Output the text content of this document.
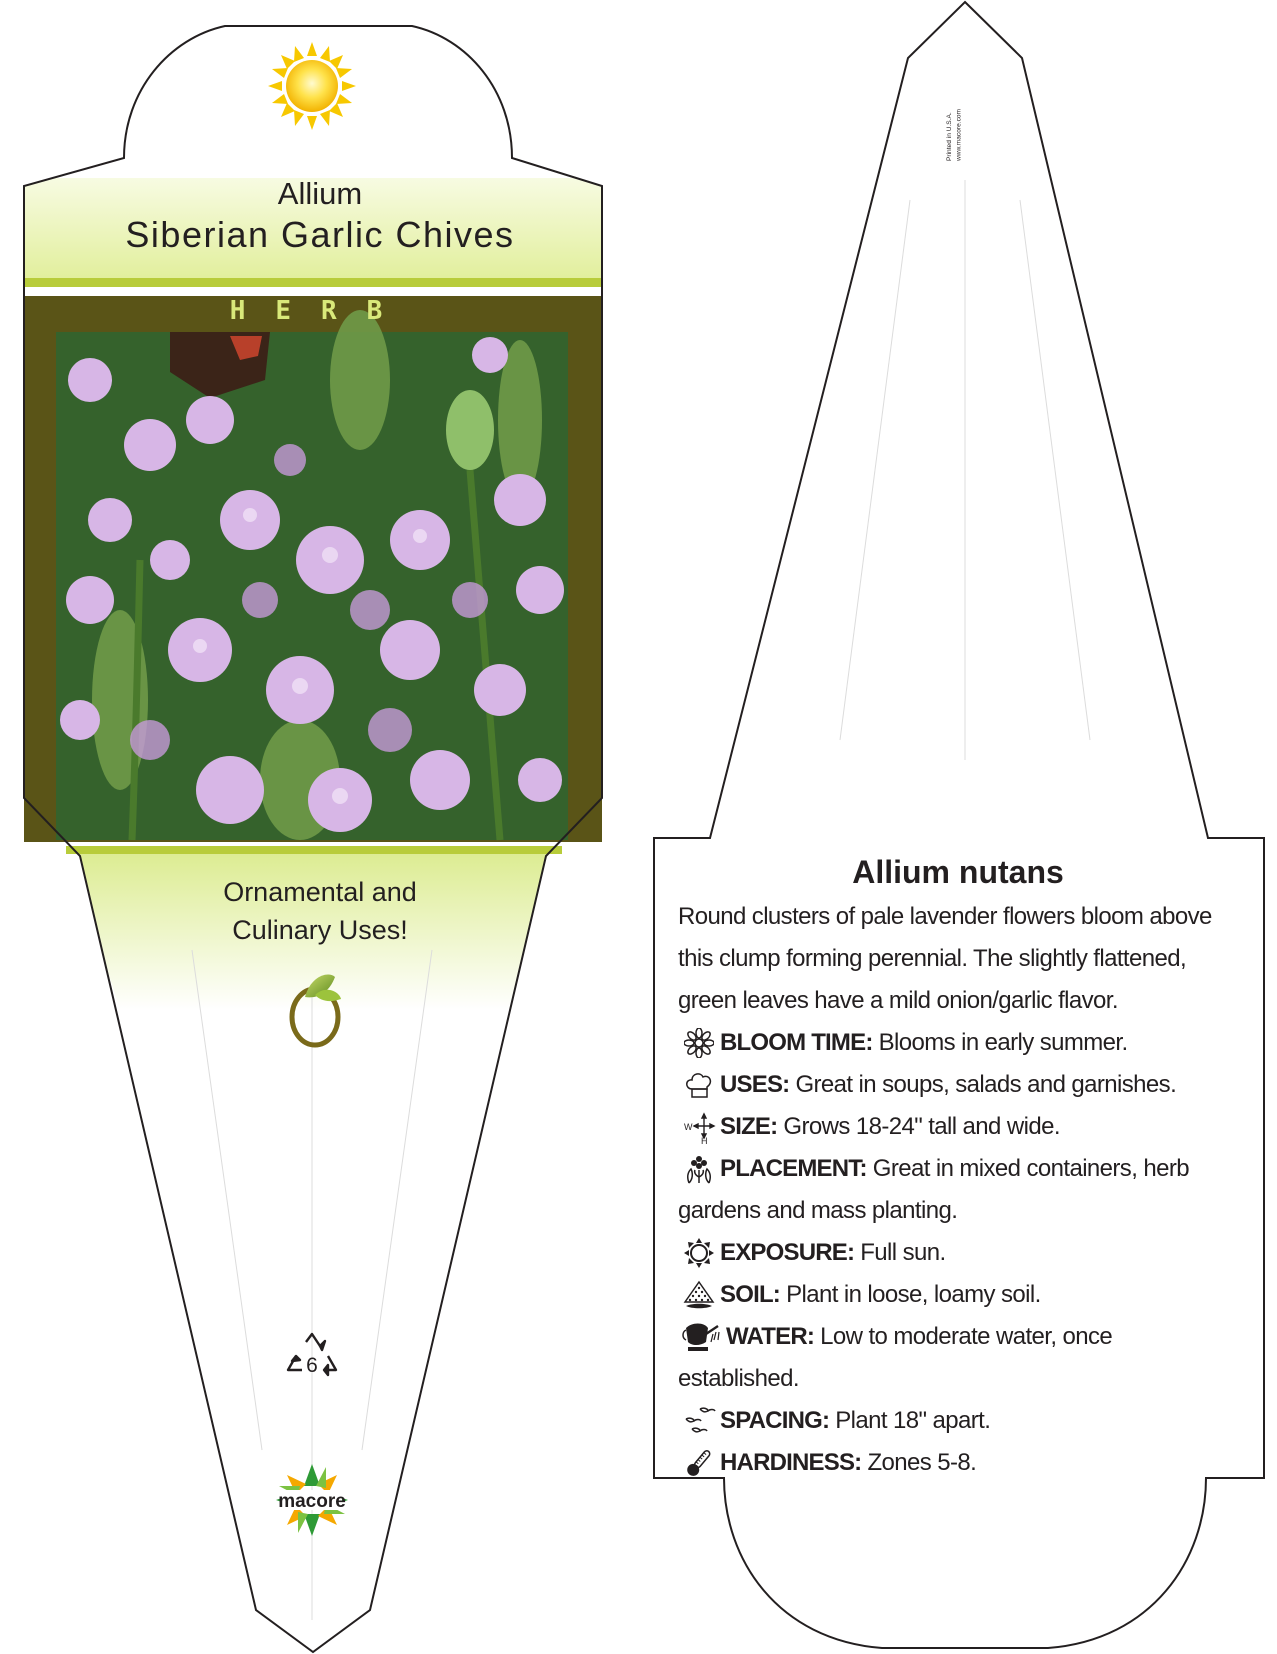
6
macore
Allium
Siberian Garlic Chives
HERB
Ornamental and
Culinary Uses!
Printed in U.S.A. www.macore.com
Allium nutans

Round clusters of pale lavender flowers bloom above this clump forming perennial. The slightly flattened, green leaves have a mild onion/garlic flavor.

BLOOM TIME: Blooms in early summer.
USES: Great in soups, salads and garnishes.
W
H
SIZE: Grows 18-24" tall and wide.
PLACEMENT: Great in mixed containers, herb
gardens and mass planting.
EXPOSURE: Full sun.
SOIL: Plant in loose, loamy soil.
WATER: Low to moderate water, once
established.
SPACING: Plant 18" apart.
HARDINESS: Zones 5-8.
